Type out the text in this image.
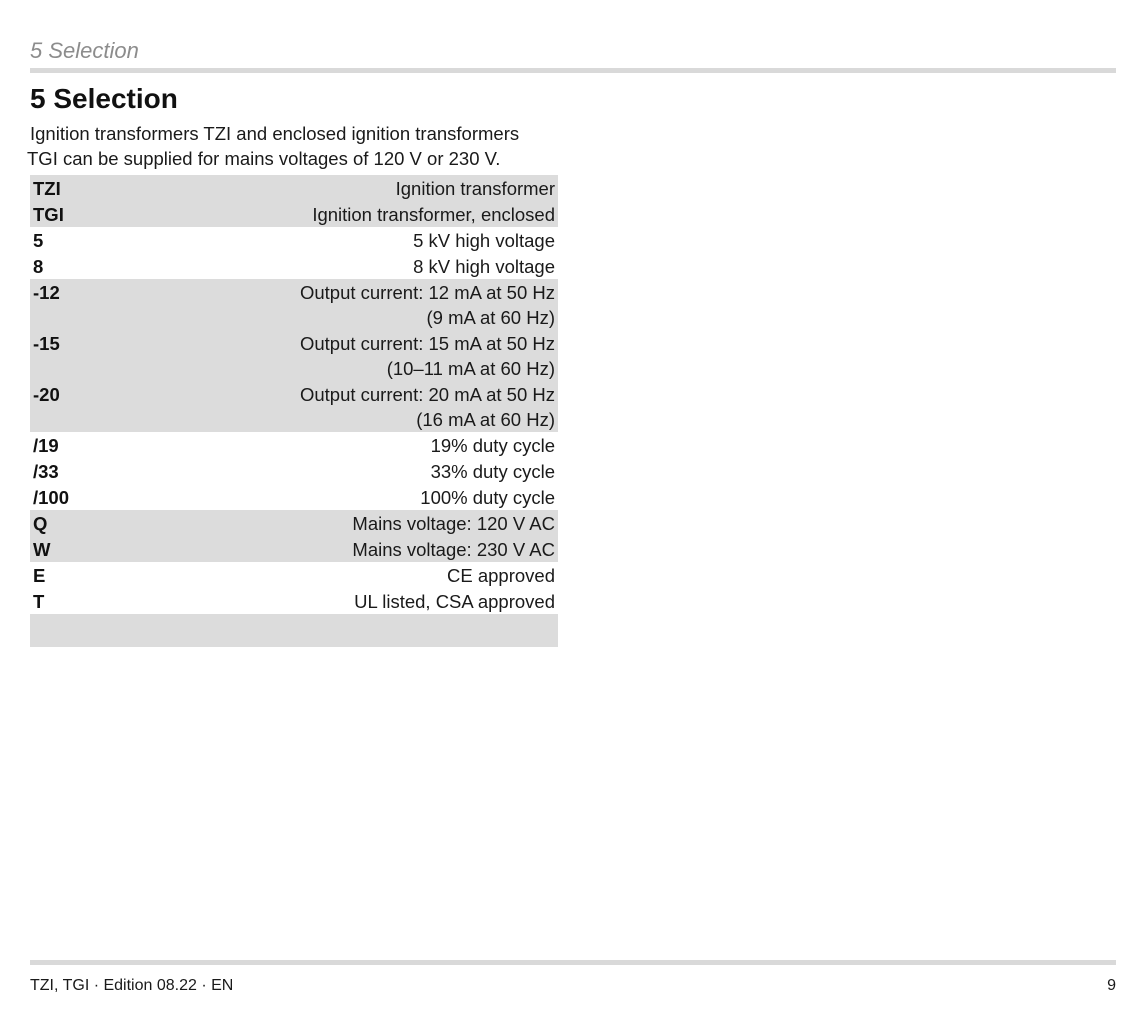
5 Selection
5 Selection
Ignition transformers TZI and enclosed ignition transformers
TGI can be supplied for mains voltages of 120 V or 230 V.
TZI	Ignition transformer
TGI	Ignition transformer, enclosed
5	5 kV high voltage
8	8 kV high voltage
-12	Output current: 12 mA at 50 Hz
(9 mA at 60 Hz)
-15	Output current: 15 mA at 50 Hz
(10–11 mA at 60 Hz)
-20	Output current: 20 mA at 50 Hz
(16 mA at 60 Hz)
/19	19% duty cycle
/33	33% duty cycle
/100	100% duty cycle
Q	Mains voltage: 120 V AC
W	Mains voltage: 230 V AC
E	CE approved
T	UL listed, CSA approved
TZI, TGI · Edition 08.22 · EN	9
